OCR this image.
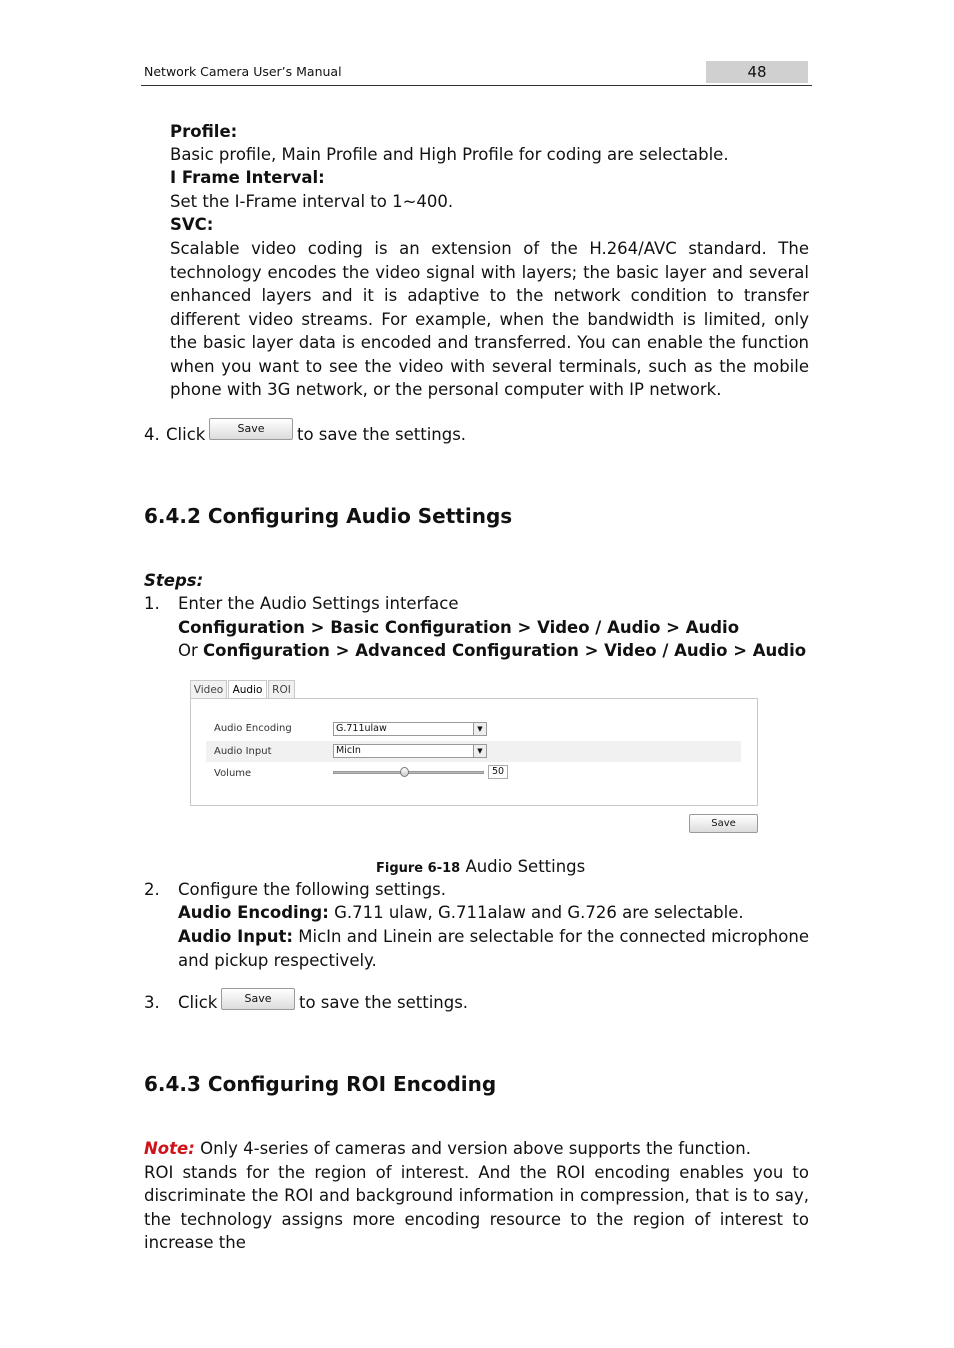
Network Camera User’s Manual	48
Profile:
Basic profile, Main Profile and High Profile for coding are selectable.
I Frame Interval:
Set the I-Frame interval to 1~400.
SVC:
Scalable video coding is an extension of the H.264/AVC standard. The technology encodes the video signal with layers; the basic layer and several enhanced layers and it is adaptive to the network condition to transfer different video streams. For example, when the bandwidth is limited, only the basic layer data is encoded and transferred. You can enable the function when you want to see the video with several terminals, such as the mobile phone with 3G network, or the personal computer with IP network.
4. Click	Save	to save the settings.
6.4.2 Configuring Audio Settings
Steps:
1. Enter the Audio Settings interface
Configuration > Basic Configuration > Video / Audio > Audio
Or Configuration > Advanced Configuration > Video / Audio > Audio
Video Audio ROI
Audio Encoding	G.711ulaw	▼
Audio Input	MicIn	▼
Volume	50
Save
Figure 6-18 Audio Settings
2. Configure the following settings.
Audio Encoding: G.711 ulaw, G.711alaw and G.726 are selectable.
Audio Input: MicIn and Linein are selectable for the connected microphone and pickup respectively.
3. Click	Save	to save the settings.
6.4.3 Configuring ROI Encoding
Note: Only 4-series of cameras and version above supports the function.
ROI stands for the region of interest. And the ROI encoding enables you to discriminate the ROI and background information in compression, that is to say, the technology assigns more encoding resource to the region of interest to increase the
